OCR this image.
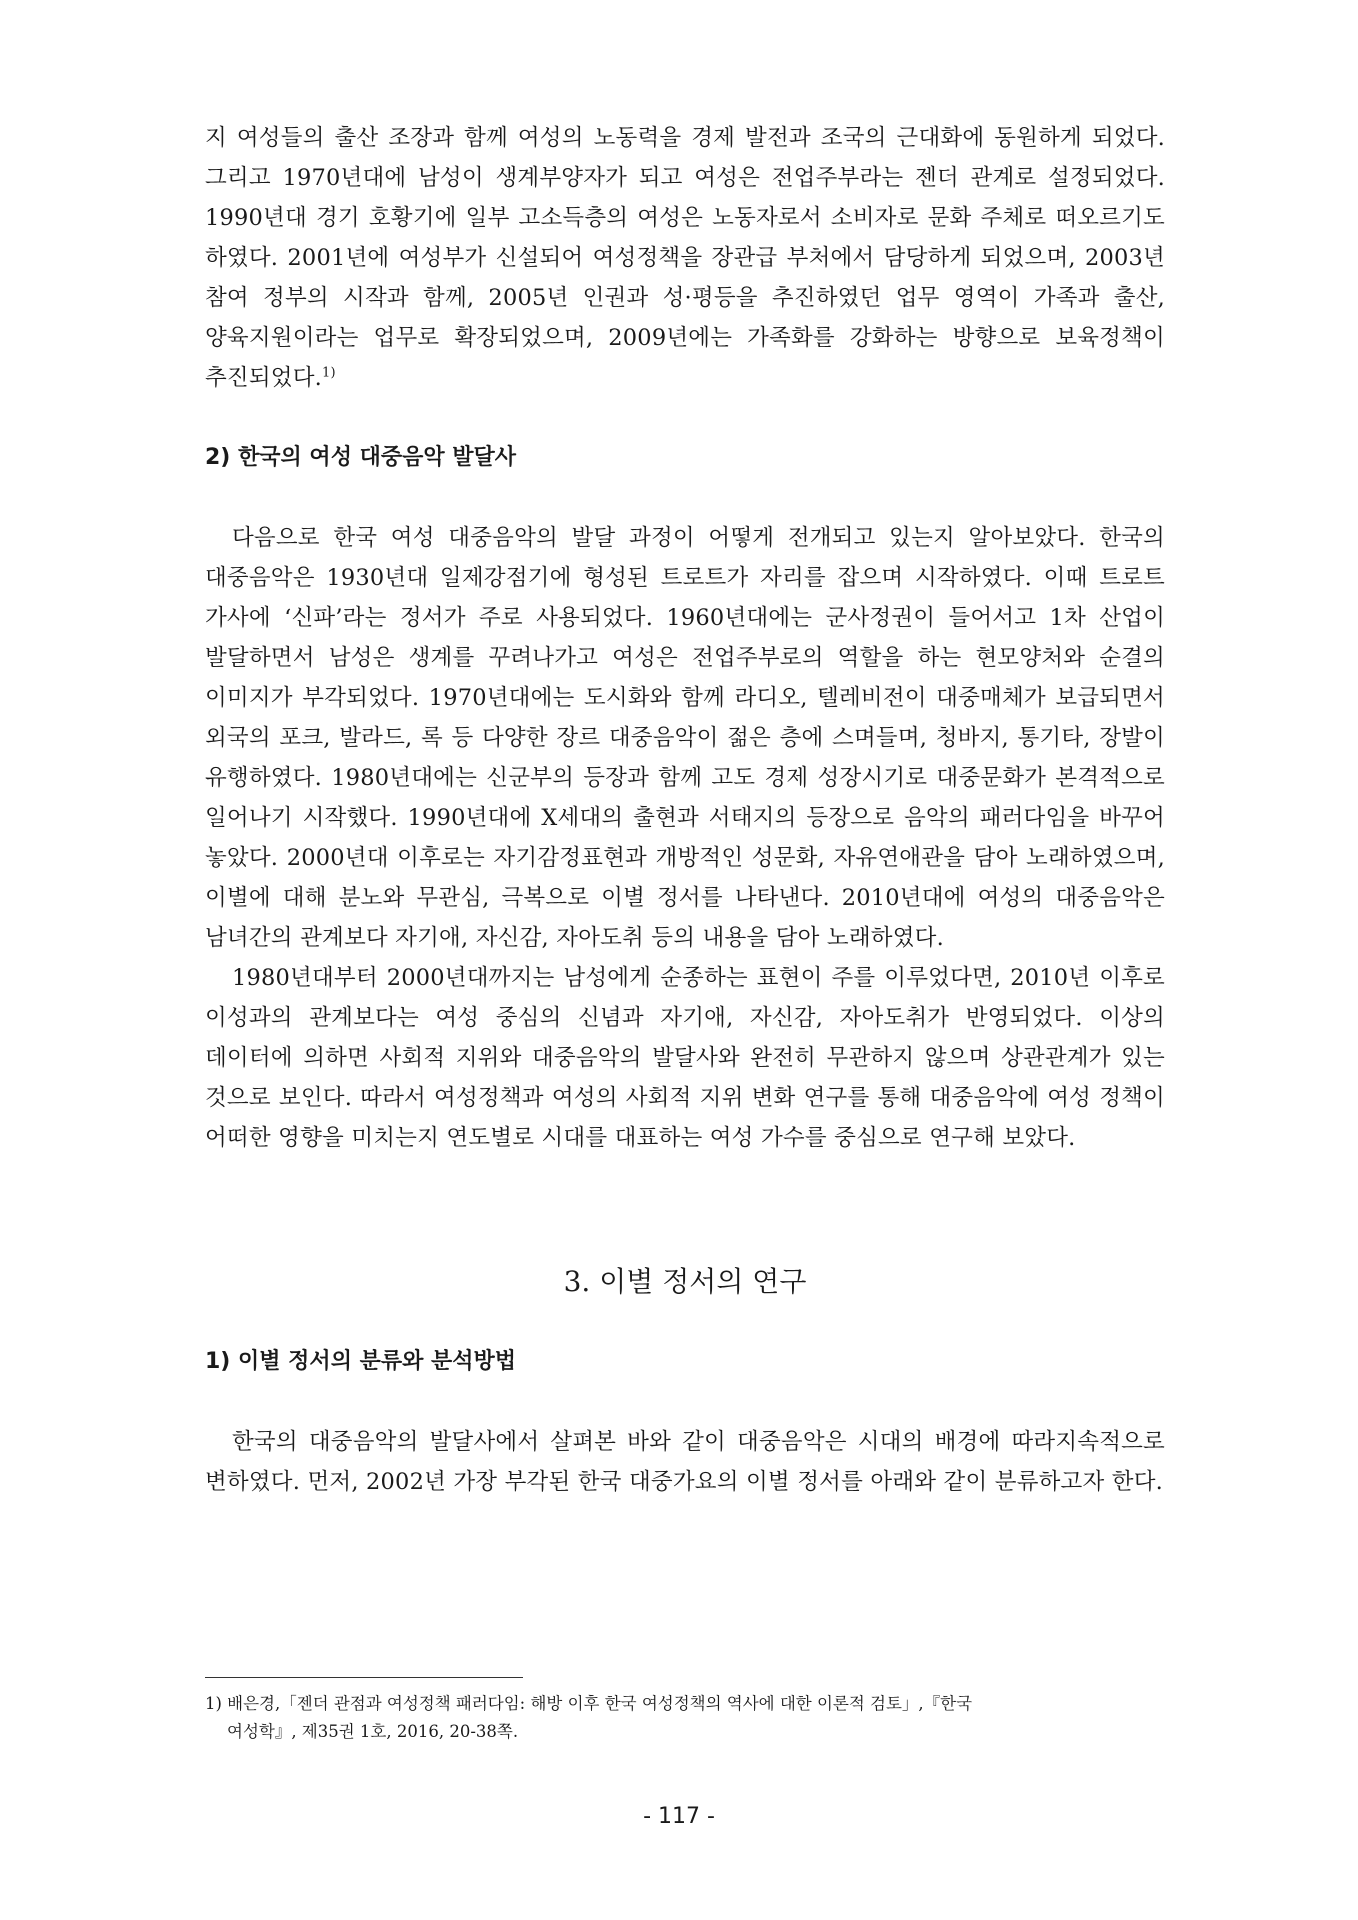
지 여성들의 출산 조장과 함께 여성의 노동력을 경제 발전과 조국의 근대화에 동원하게 되었다. 그리고 1970년대에 남성이 생계부양자가 되고 여성은 전업주부라는 젠더 관계로 설정되었다. 1990년대 경기 호황기에 일부 고소득층의 여성은 노동자로서 소비자로 문화 주체로 떠오르기도 하였다. 2001년에 여성부가 신설되어 여성정책을 장관급 부처에서 담당하게 되었으며, 2003년 참여 정부의 시작과 함께, 2005년 인권과 성·평등을 추진하였던 업무 영역이 가족과 출산, 양육지원이라는 업무로 확장되었으며, 2009년에는 가족화를 강화하는 방향으로 보육정책이 추진되었다.$^{1)}$

2) 한국의 여성 대중음악 발달사

다음으로 한국 여성 대중음악의 발달 과정이 어떻게 전개되고 있는지 알아보았다. 한국의 대중음악은 1930년대 일제강점기에 형성된 트로트가 자리를 잡으며 시작하였다. 이때 트로트 가사에 ‘신파’라는 정서가 주로 사용되었다. 1960년대에는 군사정권이 들어서고 1차 산업이 발달하면서 남성은 생계를 꾸려나가고 여성은 전업주부로의 역할을 하는 현모양처와 순결의 이미지가 부각되었다. 1970년대에는 도시화와 함께 라디오, 텔레비전이 대중매체가 보급되면서 외국의 포크, 발라드, 록 등 다양한 장르 대중음악이 젊은 층에 스며들며, 청바지, 통기타, 장발이 유행하였다. 1980년대에는 신군부의 등장과 함께 고도 경제 성장시기로 대중문화가 본격적으로 일어나기 시작했다. 1990년대에 X세대의 출현과 서태지의 등장으로 음악의 패러다임을 바꾸어 놓았다. 2000년대 이후로는 자기감정표현과 개방적인 성문화, 자유연애관을 담아 노래하였으며, 이별에 대해 분노와 무관심, 극복으로 이별 정서를 나타낸다. 2010년대에 여성의 대중음악은 남녀간의 관계보다 자기애, 자신감, 자아도취 등의 내용을 담아 노래하였다.

1980년대부터 2000년대까지는 남성에게 순종하는 표현이 주를 이루었다면, 2010년 이후로 이성과의 관계보다는 여성 중심의 신념과 자기애, 자신감, 자아도취가 반영되었다. 이상의 데이터에 의하면 사회적 지위와 대중음악의 발달사와 완전히 무관하지 않으며 상관관계가 있는 것으로 보인다. 따라서 여성정책과 여성의 사회적 지위 변화 연구를 통해 대중음악에 여성 정책이 어떠한 영향을 미치는지 연도별로 시대를 대표하는 여성 가수를 중심으로 연구해 보았다.

3. 이별 정서의 연구

1) 이별 정서의 분류와 분석방법

한국의 대중음악의 발달사에서 살펴본 바와 같이 대중음악은 시대의 배경에 따라지속적으로 변하였다. 먼저, 2002년 가장 부각된 한국 대중가요의 이별 정서를 아래와 같이 분류하고자 한다.

1) 배은경,「젠더 관점과 여성정책 패러다임: 해방 이후 한국 여성정책의 역사에 대한 이론적 검토」,『한국
여성학』, 제35권 1호, 2016, 20-38쪽.
- 117 -
